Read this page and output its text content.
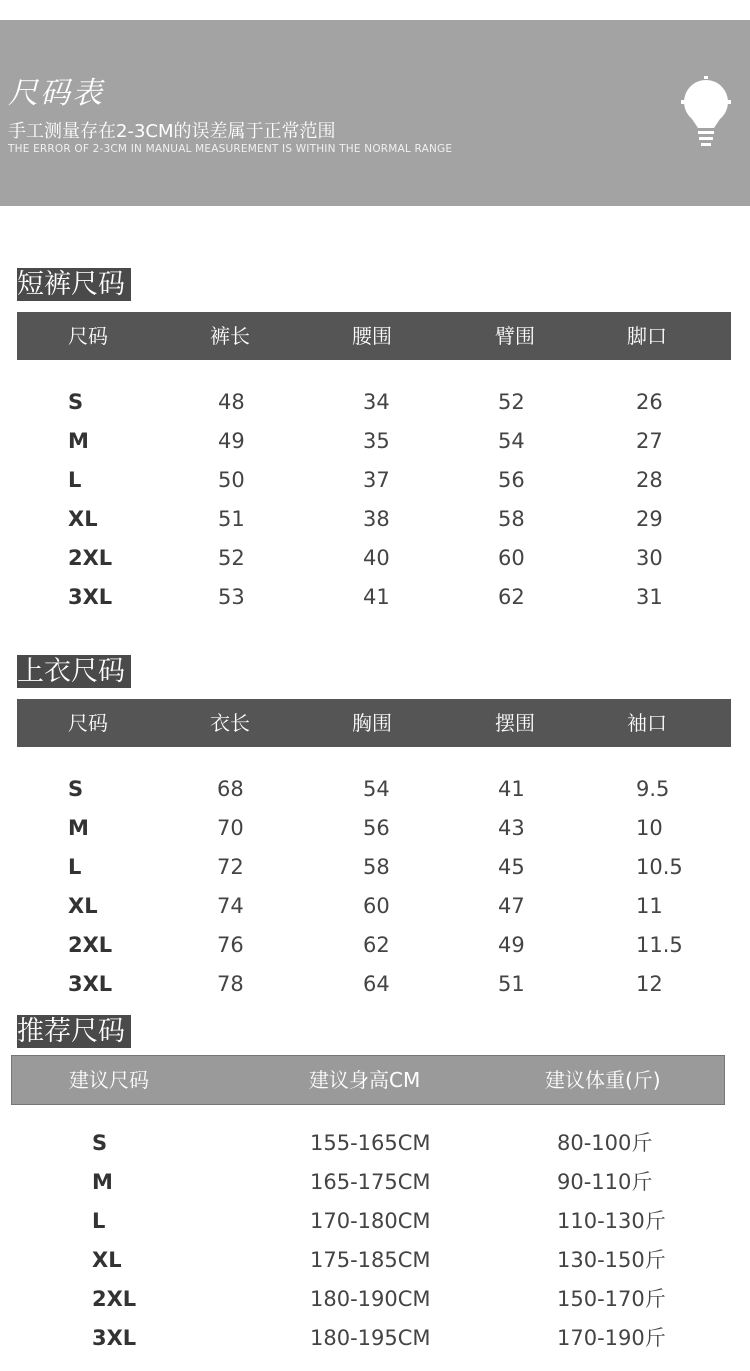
尺码表
手工测量存在2-3CM的误差属于正常范围
THE ERROR OF 2-3CM IN MANUAL MEASUREMENT IS WITHIN THE NORMAL RANGE
短裤尺码
尺码	裤长	腰围	臂围	脚口
S	48	34	52	26
M	49	35	54	27
L	50	37	56	28
XL	51	38	58	29
2XL	52	40	60	30
3XL	53	41	62	31
上衣尺码
尺码	衣长	胸围	摆围	袖口
S	68	54	41	9.5
M	70	56	43	10
L	72	58	45	10.5
XL	74	60	47	11
2XL	76	62	49	11.5
3XL	78	64	51	12
推荐尺码
建议尺码	建议身高CM	建议体重(斤)
S	155-165CM	80-100斤
M	165-175CM	90-110斤
L	170-180CM	110-130斤
XL	175-185CM	130-150斤
2XL	180-190CM	150-170斤
3XL	180-195CM	170-190斤
